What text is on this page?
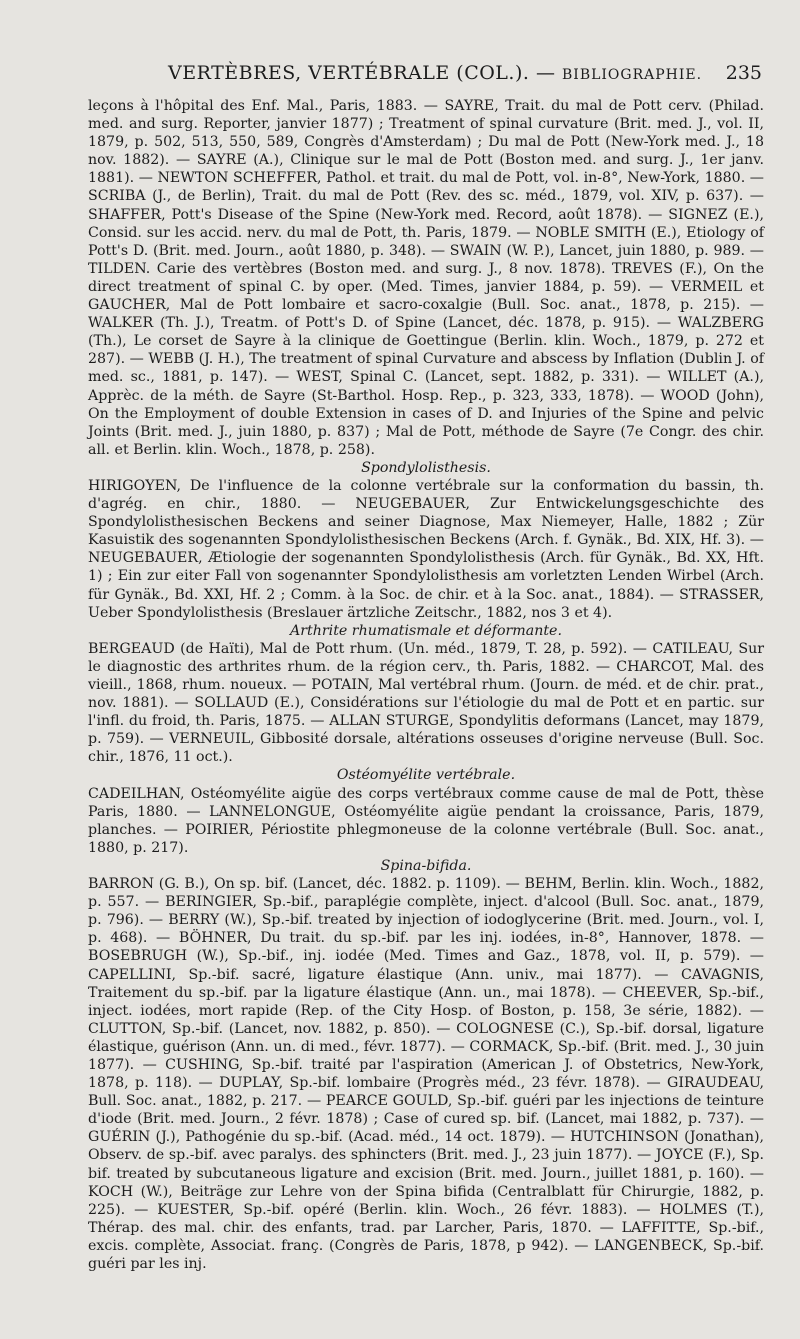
VERTÈBRES, VERTÉBRALE (COL.). — BIBLIOGRAPHIE. 235

leçons à l'hôpital des Enf. Mal., Paris, 1883. — SAYRE, Trait. du mal de Pott cerv. (Philad. med. and surg. Reporter, janvier 1877) ; Treatment of spinal curvature (Brit. med. J., vol. II, 1879, p. 502, 513, 550, 589, Congrès d'Amsterdam) ; Du mal de Pott (New-York med. J., 18 nov. 1882). — SAYRE (A.), Clinique sur le mal de Pott (Boston med. and surg. J., 1er janv. 1881). — NEWTON SCHEFFER, Pathol. et trait. du mal de Pott, vol. in-8°, New-York, 1880. — SCRIBA (J., de Berlin), Trait. du mal de Pott (Rev. des sc. méd., 1879, vol. XIV, p. 637). — SHAFFER, Pott's Disease of the Spine (New-York med. Record, août 1878). — SIGNEZ (E.), Consid. sur les accid. nerv. du mal de Pott, th. Paris, 1879. — NOBLE SMITH (E.), Etiology of Pott's D. (Brit. med. Journ., août 1880, p. 348). — SWAIN (W. P.), Lancet, juin 1880, p. 989. — TILDEN. Carie des vertèbres (Boston med. and surg. J., 8 nov. 1878). TREVES (F.), On the direct treatment of spinal C. by oper. (Med. Times, janvier 1884, p. 59). — VERMEIL et GAUCHER, Mal de Pott lombaire et sacro-coxalgie (Bull. Soc. anat., 1878, p. 215). — WALKER (Th. J.), Treatm. of Pott's D. of Spine (Lancet, déc. 1878, p. 915). — WALZBERG (Th.), Le corset de Sayre à la clinique de Goettingue (Berlin. klin. Woch., 1879, p. 272 et 287). — WEBB (J. H.), The treatment of spinal Curvature and abscess by Inflation (Dublin J. of med. sc., 1881, p. 147). — WEST, Spinal C. (Lancet, sept. 1882, p. 331). — WILLET (A.), Apprèc. de la méth. de Sayre (St-Barthol. Hosp. Rep., p. 323, 333, 1878). — WOOD (John), On the Employment of double Extension in cases of D. and Injuries of the Spine and pelvic Joints (Brit. med. J., juin 1880, p. 837) ; Mal de Pott, méthode de Sayre (7e Congr. des chir. all. et Berlin. klin. Woch., 1878, p. 258).

Spondylolisthesis.

HIRIGOYEN, De l'influence de la colonne vertébrale sur la conformation du bassin, th. d'agrég. en chir., 1880. — NEUGEBAUER, Zur Entwickelungsgeschichte des Spondylolisthesischen Beckens and seiner Diagnose, Max Niemeyer, Halle, 1882 ; Zür Kasuistik des sogenannten Spondylolisthesischen Beckens (Arch. f. Gynäk., Bd. XIX, Hf. 3). — NEUGEBAUER, Ætiologie der sogenannten Spondylolisthesis (Arch. für Gynäk., Bd. XX, Hft. 1) ; Ein zur eiter Fall von sogenannter Spondylolisthesis am vorletzten Lenden Wirbel (Arch. für Gynäk., Bd. XXI, Hf. 2 ; Comm. à la Soc. de chir. et à la Soc. anat., 1884). — STRASSER, Ueber Spondylolisthesis (Breslauer ärtzliche Zeitschr., 1882, nos 3 et 4).

Arthrite rhumatismale et déformante.

BERGEAUD (de Haïti), Mal de Pott rhum. (Un. méd., 1879, T. 28, p. 592). — CATILEAU, Sur le diagnostic des arthrites rhum. de la région cerv., th. Paris, 1882. — CHARCOT, Mal. des vieill., 1868, rhum. noueux. — POTAIN, Mal vertébral rhum. (Journ. de méd. et de chir. prat., nov. 1881). — SOLLAUD (E.), Considérations sur l'étiologie du mal de Pott et en partic. sur l'infl. du froid, th. Paris, 1875. — ALLAN STURGE, Spondylitis deformans (Lancet, may 1879, p. 759). — VERNEUIL, Gibbosité dorsale, altérations osseuses d'origine nerveuse (Bull. Soc. chir., 1876, 11 oct.).

Ostéomyélite vertébrale.

CADEILHAN, Ostéomyélite aigüe des corps vertébraux comme cause de mal de Pott, thèse Paris, 1880. — LANNELONGUE, Ostéomyélite aigüe pendant la croissance, Paris, 1879, planches. — POIRIER, Périostite phlegmoneuse de la colonne vertébrale (Bull. Soc. anat., 1880, p. 217).

Spina-bifida.

BARRON (G. B.), On sp. bif. (Lancet, déc. 1882. p. 1109). — BEHM, Berlin. klin. Woch., 1882, p. 557. — BERINGIER, Sp.-bif., paraplégie complète, inject. d'alcool (Bull. Soc. anat., 1879, p. 796). — BERRY (W.), Sp.-bif. treated by injection of iodoglycerine (Brit. med. Journ., vol. I, p. 468). — BÖHNER, Du trait. du sp.-bif. par les inj. iodées, in-8°, Hannover, 1878. — BOSEBRUGH (W.), Sp.-bif., inj. iodée (Med. Times and Gaz., 1878, vol. II, p. 579). — CAPELLINI, Sp.-bif. sacré, ligature élastique (Ann. univ., mai 1877). — CAVAGNIS, Traitement du sp.-bif. par la ligature élastique (Ann. un., mai 1878). — CHEEVER, Sp.-bif., inject. iodées, mort rapide (Rep. of the City Hosp. of Boston, p. 158, 3e série, 1882). — CLUTTON, Sp.-bif. (Lancet, nov. 1882, p. 850). — COLOGNESE (C.), Sp.-bif. dorsal, ligature élastique, guérison (Ann. un. di med., févr. 1877). — CORMACK, Sp.-bif. (Brit. med. J., 30 juin 1877). — CUSHING, Sp.-bif. traité par l'aspiration (American J. of Obstetrics, New-York, 1878, p. 118). — DUPLAY, Sp.-bif. lombaire (Progrès méd., 23 févr. 1878). — GIRAUDEAU, Bull. Soc. anat., 1882, p. 217. — PEARCE GOULD, Sp.-bif. guéri par les injections de teinture d'iode (Brit. med. Journ., 2 févr. 1878) ; Case of cured sp. bif. (Lancet, mai 1882, p. 737). — GUÉRIN (J.), Pathogénie du sp.-bif. (Acad. méd., 14 oct. 1879). — HUTCHINSON (Jonathan), Observ. de sp.-bif. avec paralys. des sphincters (Brit. med. J., 23 juin 1877). — JOYCE (F.), Sp. bif. treated by subcutaneous ligature and excision (Brit. med. Journ., juillet 1881, p. 160). — KOCH (W.), Beiträge zur Lehre von der Spina bifida (Centralblatt für Chirurgie, 1882, p. 225). — KUESTER, Sp.-bif. opéré (Berlin. klin. Woch., 26 févr. 1883). — HOLMES (T.), Thérap. des mal. chir. des enfants, trad. par Larcher, Paris, 1870. — LAFFITTE, Sp.-bif., excis. complète, Associat. franç. (Congrès de Paris, 1878, p 942). — LANGENBECK, Sp.-bif. guéri par les inj.
